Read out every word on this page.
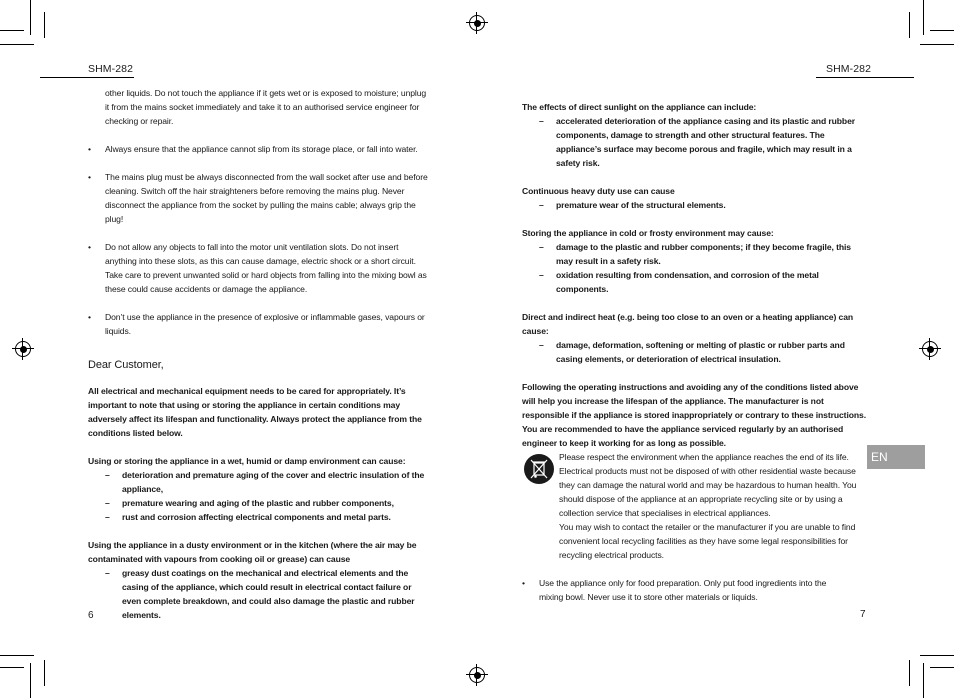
SHM-282	SHM-282

other liquids. Do not touch the appliance if it gets wet or is exposed to moisture; unplug it from the mains socket immediately and take it to an authorised service engineer for checking or repair.

• Always ensure that the appliance cannot slip from its storage place, or fall into water.

• The mains plug must be always disconnected from the wall socket after use and before cleaning. Switch off the hair straighteners before removing the mains plug. Never disconnect the appliance from the socket by pulling the mains cable; always grip the plug!

• Do not allow any objects to fall into the motor unit ventilation slots. Do not insert anything into these slots, as this can cause damage, electric shock or a short circuit. Take care to prevent unwanted solid or hard objects from falling into the mixing bowl as these could cause accidents or damage the appliance.

• Don’t use the appliance in the presence of explosive or inflammable gases, vapours or liquids.

Dear Customer,

All electrical and mechanical equipment needs to be cared for appropriately. It’s important to note that using or storing the appliance in certain conditions may adversely affect its lifespan and functionality. Always protect the appliance from the conditions listed below.

Using or storing the appliance in a wet, humid or damp environment can cause:

– deterioration and premature aging of the cover and electric insulation of the appliance,

– premature wearing and aging of the plastic and rubber components,

– rust and corrosion affecting electrical components and metal parts.

Using the appliance in a dusty environment or in the kitchen (where the air may be contaminated with vapours from cooking oil or grease) can cause

– greasy dust coatings on the mechanical and electrical elements and the casing of the appliance, which could result in electrical contact failure or even complete breakdown, and could also damage the plastic and rubber elements.

6

The effects of direct sunlight on the appliance can include:

– accelerated deterioration of the appliance casing and its plastic and rubber components, damage to strength and other structural features. The appliance’s surface may become porous and fragile, which may result in a safety risk.

Continuous heavy duty use can cause

– premature wear of the structural elements.

Storing the appliance in cold or frosty environment may cause:

– damage to the plastic and rubber components; if they become fragile, this may result in a safety risk.

– oxidation resulting from condensation, and corrosion of the metal components.

Direct and indirect heat (e.g. being too close to an oven or a heating appliance) can cause:

– damage, deformation, softening or melting of plastic or rubber parts and casing elements, or deterioration of electrical insulation.

Following the operating instructions and avoiding any of the conditions listed above will help you increase the lifespan of the appliance. The manufacturer is not responsible if the appliance is stored inappropriately or contrary to these instructions. You are recommended to have the appliance serviced regularly by an authorised engineer to keep it working for as long as possible.

Please respect the environment when the appliance reaches the end of its life. Electrical products must not be disposed of with other residential waste because they can damage the natural world and may be hazardous to human health. You should dispose of the appliance at an appropriate recycling site or by using a collection service that specialises in electrical appliances.

You may wish to contact the retailer or the manufacturer if you are unable to find convenient local recycling facilities as they have some legal responsibilities for recycling electrical products.

• Use the appliance only for food preparation. Only put food ingredients into the mixing bowl. Never use it to store other materials or liquids.

EN
7
